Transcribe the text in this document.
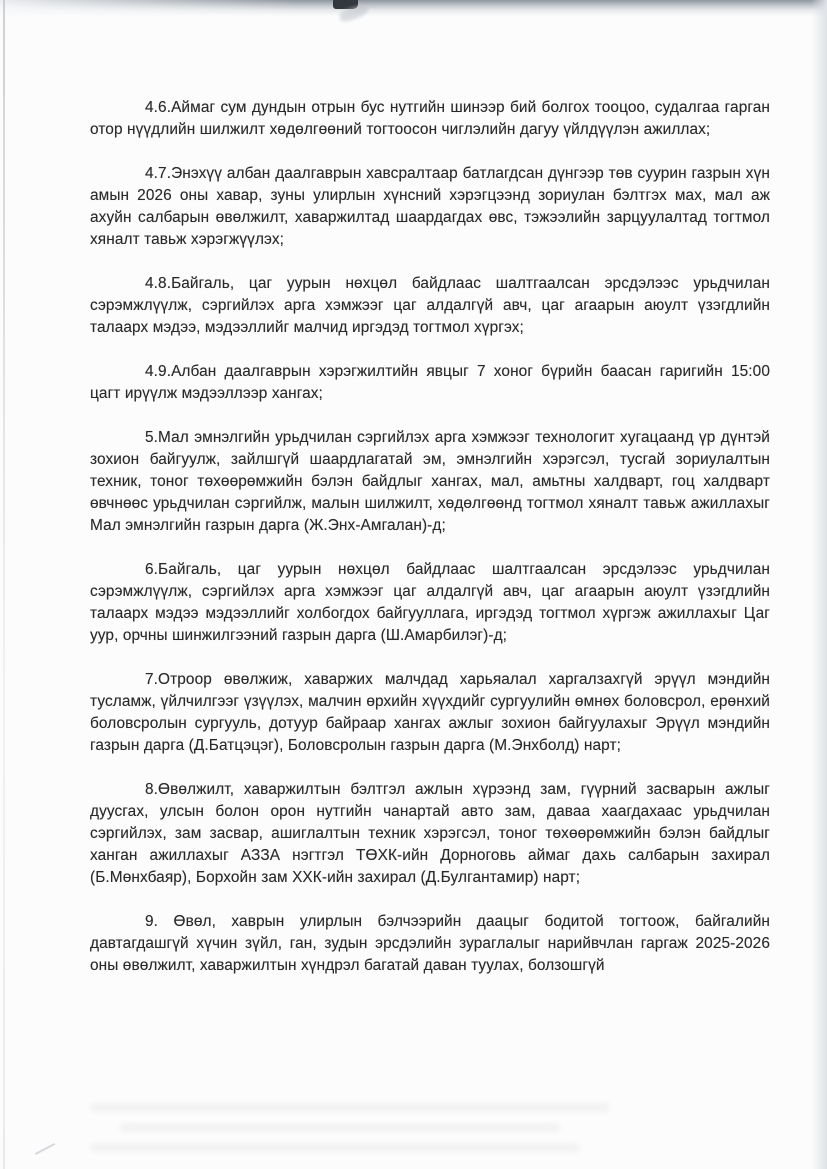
4.6.Аймаг сум дундын отрын бус нутгийн шинээр бий болгох тооцоо, судалгаа гарган отор нүүдлийн шилжилт хөдөлгөөний тогтоосон чиглэлийн дагуу үйлдүүлэн ажиллах;

4.7.Энэхүү албан даалгаврын хавсралтаар батлагдсан дүнгээр төв суурин газрын хүн амын 2026 оны хавар, зуны улирлын хүнсний хэрэгцээнд зориулан бэлтгэх мах, мал аж ахуйн салбарын өвөлжилт, хаваржилтад шаардагдах өвс, тэжээлийн зарцуулалтад тогтмол хяналт тавьж хэрэгжүүлэх;

4.8.Байгаль, цаг уурын нөхцөл байдлаас шалтгаалсан эрсдэлээс урьдчилан сэрэмжлүүлж, сэргийлэх арга хэмжээг цаг алдалгүй авч, цаг агаарын аюулт үзэгдлийн талаарх мэдээ, мэдээллийг малчид иргэдэд тогтмол хүргэх;

4.9.Албан даалгаврын хэрэгжилтийн явцыг 7 хоног бүрийн баасан гаригийн 15:00 цагт ирүүлж мэдээллээр хангах;

5.Мал эмнэлгийн урьдчилан сэргийлэх арга хэмжээг технологит хугацаанд үр дүнтэй зохион байгуулж, зайлшгүй шаардлагатай эм, эмнэлгийн хэрэгсэл, тусгай зориулалтын техник, тоног төхөөрөмжийн бэлэн байдлыг хангах, мал, амьтны халдварт, гоц халдварт өвчнөөс урьдчилан сэргийлж, малын шилжилт, хөдөлгөөнд тогтмол хяналт тавьж ажиллахыг Мал эмнэлгийн газрын дарга (Ж.Энх-Амгалан)-д;

6.Байгаль, цаг уурын нөхцөл байдлаас шалтгаалсан эрсдэлээс урьдчилан сэрэмжлүүлж, сэргийлэх арга хэмжээг цаг алдалгүй авч, цаг агаарын аюулт үзэгдлийн талаарх мэдээ мэдээллийг холбогдох байгууллага, иргэдэд тогтмол хүргэж ажиллахыг Цаг уур, орчны шинжилгээний газрын дарга (Ш.Амарбилэг)-д;

7.Отроор өвөлжиж, хаваржих малчдад харьяалал харгалзахгүй эрүүл мэндийн тусламж, үйлчилгээг үзүүлэх, малчин өрхийн хүүхдийг сургуулийн өмнөх боловсрол, ерөнхий боловсролын сургууль, дотуур байраар хангах ажлыг зохион байгуулахыг Эрүүл мэндийн газрын дарга (Д.Батцэцэг), Боловсролын газрын дарга (М.Энхболд) нарт;

8.Өвөлжилт, хаваржилтын бэлтгэл ажлын хүрээнд зам, гүүрний засварын ажлыг дуусгах, улсын болон орон нутгийн чанартай авто зам, даваа хаагдахаас урьдчилан сэргийлэх, зам засвар, ашиглалтын техник хэрэгсэл, тоног төхөөрөмжийн бэлэн байдлыг ханган ажиллахыг АЗЗА нэгтгэл ТӨХК-ийн Дорноговь аймаг дахь салбарын захирал (Б.Мөнхбаяр), Борхойн зам ХХК-ийн захирал (Д.Булгантамир) нарт;

9. Өвөл, хаврын улирлын бэлчээрийн даацыг бодитой тогтоож, байгалийн давтагдашгүй хүчин зүйл, ган, зудын эрсдэлийн зураглалыг нарийвчлан гаргаж 2025-2026 оны өвөлжилт, хаваржилтын хүндрэл багатай даван туулах, болзошгүй
